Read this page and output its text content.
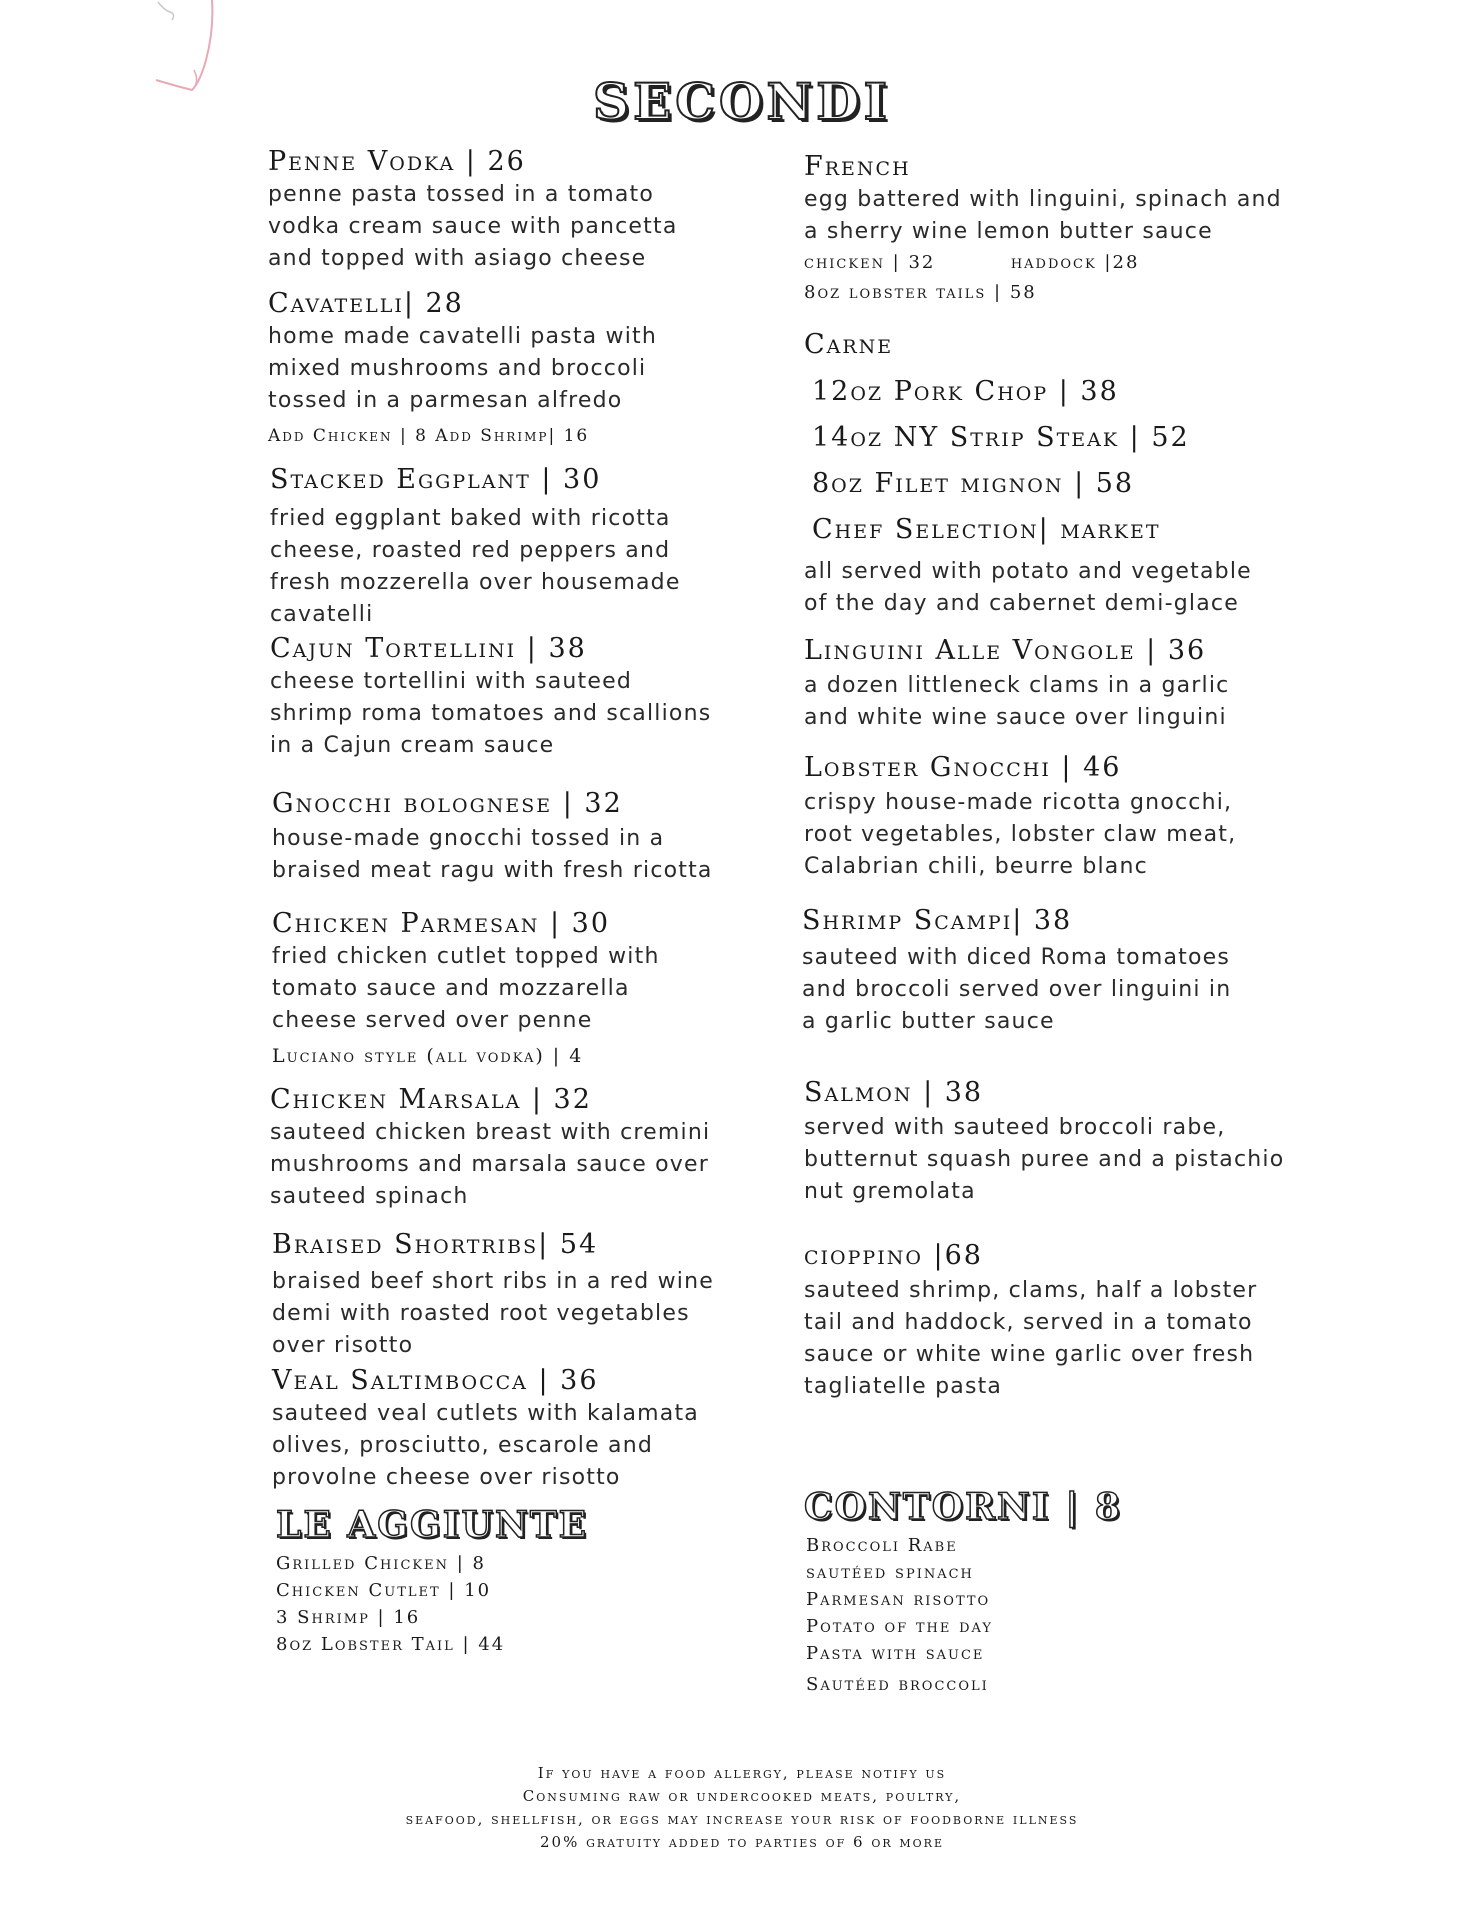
SECONDI
Penne Vodka | 26
penne pasta tossed in a tomato
vodka cream sauce with pancetta
and topped with asiago cheese
Cavatelli| 28
home made cavatelli pasta with
mixed mushrooms and broccoli
tossed in a parmesan alfredo
Add Chicken | 8 Add Shrimp| 16
Stacked Eggplant | 30
fried eggplant baked with ricotta
cheese, roasted red peppers and
fresh mozzerella over housemade
cavatelli
Cajun Tortellini | 38
cheese tortellini with sauteed
shrimp roma tomatoes and scallions
in a Cajun cream sauce
Gnocchi bolognese | 32
house-made gnocchi tossed in a
braised meat ragu with fresh ricotta
Chicken Parmesan | 30
fried chicken cutlet topped with
tomato sauce and mozzarella
cheese served over penne
Luciano style (all vodka) | 4
Chicken Marsala | 32
sauteed chicken breast with cremini
mushrooms and marsala sauce over
sauteed spinach
Braised Shortribs| 54
braised beef short ribs in a red wine
demi with roasted root vegetables
over risotto
Veal Saltimbocca | 36
sauteed veal cutlets with kalamata
olives, prosciutto, escarole and
provolne cheese over risotto
LE AGGIUNTE
Grilled Chicken | 8
Chicken Cutlet | 10
3 Shrimp | 16
8oz Lobster Tail | 44
French
egg battered with linguini, spinach and
a sherry wine lemon butter sauce
chicken | 32	haddock |28
8oz lobster tails | 58
Carne
12oz Pork Chop | 38
14oz NY Strip Steak | 52
8oz Filet mignon | 58
Chef Selection| market
all served with potato and vegetable
of the day and cabernet demi-glace
Linguini Alle Vongole | 36
a dozen littleneck clams in a garlic
and white wine sauce over linguini
Lobster Gnocchi | 46
crispy house-made ricotta gnocchi,
root vegetables, lobster claw meat,
Calabrian chili, beurre blanc
Shrimp Scampi| 38
sauteed with diced Roma tomatoes
and broccoli served over linguini in
a garlic butter sauce
Salmon | 38
served with sauteed broccoli rabe,
butternut squash puree and a pistachio
nut gremolata
cioppino |68
sauteed shrimp, clams, half a lobster
tail and haddock, served in a tomato
sauce or white wine garlic over fresh
tagliatelle pasta
CONTORNI | 8
Broccoli Rabe
sautéed spinach
Parmesan risotto
Potato of the day
Pasta with sauce
Sautéed broccoli
If you have a food allergy, please notify us
Consuming raw or undercooked meats, poultry,
seafood, shellfish, or eggs may increase your risk of foodborne illness
20% gratuity added to parties of 6 or more
